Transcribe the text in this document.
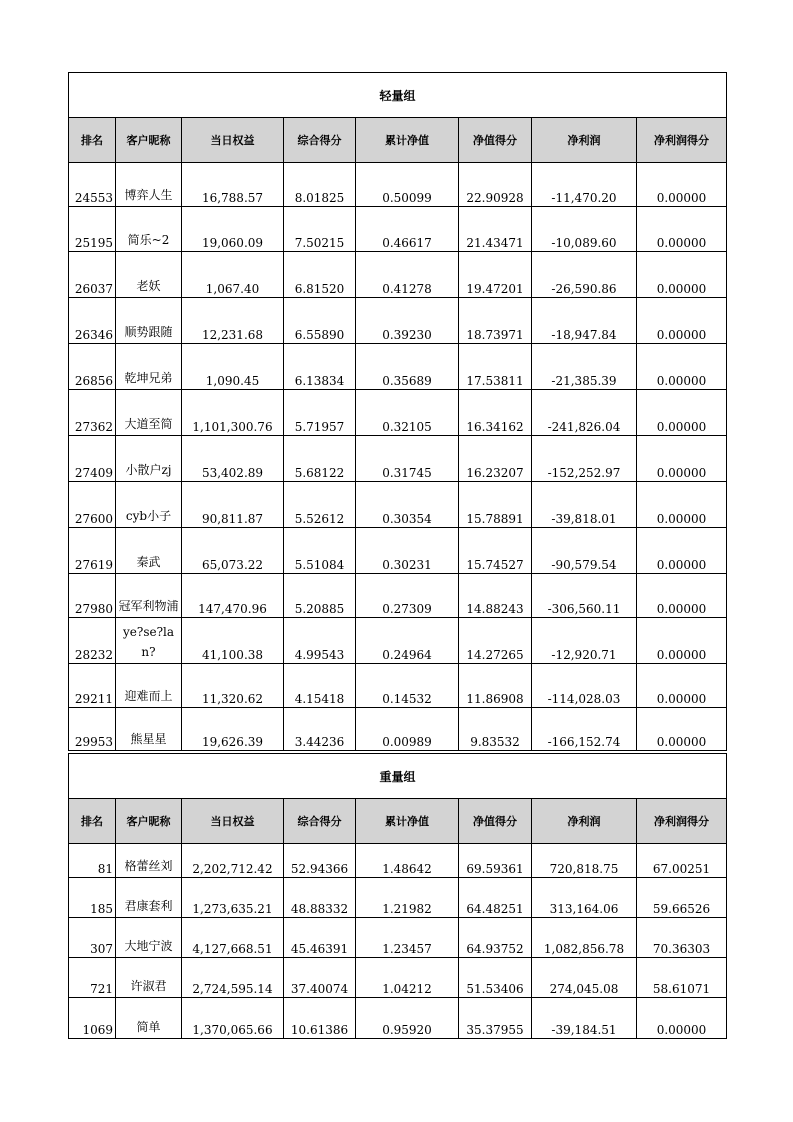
轻量组							
排名	客户昵称	当日权益	综合得分	累计净值	净值得分	净利润	净利润得分
24553	博弈人生	16,788.57	8.01825	0.50099	22.90928	-11,470.20	0.00000
25195	简乐~2	19,060.09	7.50215	0.46617	21.43471	-10,089.60	0.00000
26037	老妖	1,067.40	6.81520	0.41278	19.47201	-26,590.86	0.00000
26346	顺势跟随	12,231.68	6.55890	0.39230	18.73971	-18,947.84	0.00000
26856	乾坤兄弟	1,090.45	6.13834	0.35689	17.53811	-21,385.39	0.00000
27362	大道至简	1,101,300.76	5.71957	0.32105	16.34162	-241,826.04	0.00000
27409	小散户zj	53,402.89	5.68122	0.31745	16.23207	-152,252.97	0.00000
27600	cyb小子	90,811.87	5.52612	0.30354	15.78891	-39,818.01	0.00000
27619	秦武	65,073.22	5.51084	0.30231	15.74527	-90,579.54	0.00000
27980	冠军利物浦	147,470.96	5.20885	0.27309	14.88243	-306,560.11	0.00000
28232	ye?se?lan?	41,100.38	4.99543	0.24964	14.27265	-12,920.71	0.00000
29211	迎难而上	11,320.62	4.15418	0.14532	11.86908	-114,028.03	0.00000
29953	熊星星	19,626.39	3.44236	0.00989	9.83532	-166,152.74	0.00000
重量组							
排名	客户昵称	当日权益	综合得分	累计净值	净值得分	净利润	净利润得分
81	格蕾丝刘	2,202,712.42	52.94366	1.48642	69.59361	720,818.75	67.00251
185	君康套利	1,273,635.21	48.88332	1.21982	64.48251	313,164.06	59.66526
307	大地宁波	4,127,668.51	45.46391	1.23457	64.93752	1,082,856.78	70.36303
721	许淑君	2,724,595.14	37.40074	1.04212	51.53406	274,045.08	58.61071
1069	简单	1,370,065.66	10.61386	0.95920	35.37955	-39,184.51	0.00000
